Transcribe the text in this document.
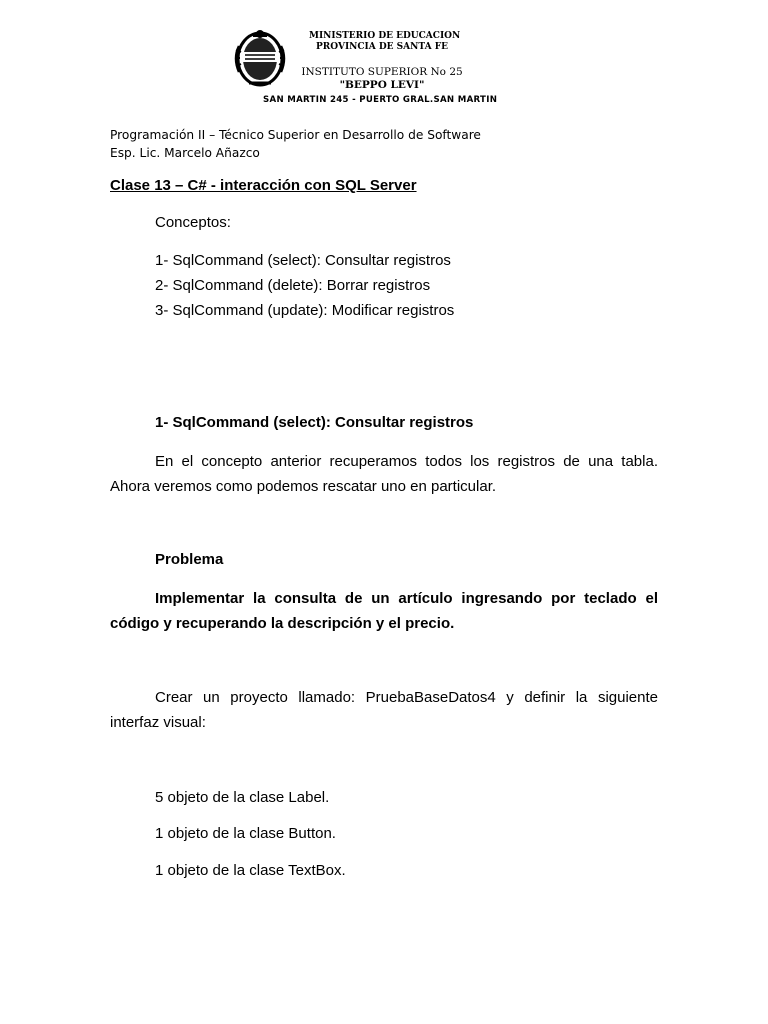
MINISTERIO DE EDUCACION
PROVINCIA DE SANTA FE
INSTITUTO SUPERIOR No 25
"BEPPO LEVI"
SAN MARTIN 245 - PUERTO GRAL.SAN MARTIN
Programación II – Técnico Superior en Desarrollo de Software
Esp. Lic. Marcelo Añazco
Clase 13 – C# - interacción con SQL Server
Conceptos:
1- SqlCommand (select): Consultar registros
2- SqlCommand (delete): Borrar registros
3- SqlCommand (update): Modificar registros
1- SqlCommand (select): Consultar registros
En el concepto anterior recuperamos todos los registros de una tabla. Ahora veremos como podemos rescatar uno en particular.
Problema
Implementar la consulta de un artículo ingresando por teclado el código y recuperando la descripción y el precio.
Crear un proyecto llamado: PruebaBaseDatos4 y definir la siguiente interfaz visual:
5 objeto de la clase Label.
1 objeto de la clase Button.
1 objeto de la clase TextBox.
